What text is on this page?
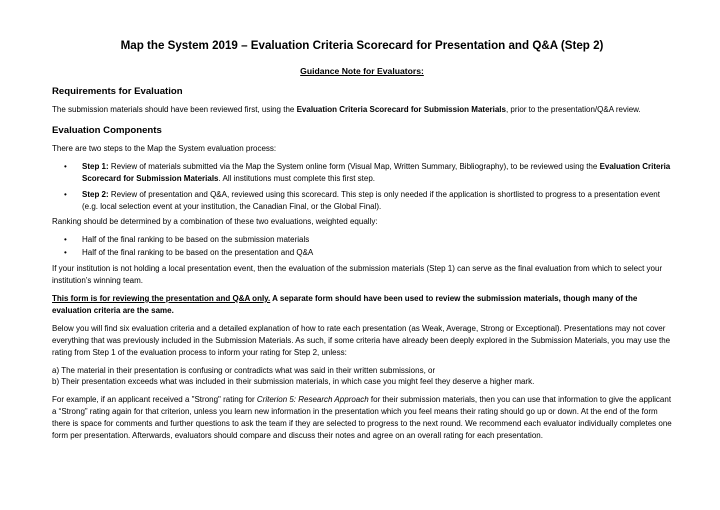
Map the System 2019 – Evaluation Criteria Scorecard for Presentation and Q&A (Step 2)
Guidance Note for Evaluators:
Requirements for Evaluation

The submission materials should have been reviewed first, using the Evaluation Criteria Scorecard for Submission Materials, prior to the presentation/Q&A review.

Evaluation Components

There are two steps to the Map the System evaluation process:

• Step 1: Review of materials submitted via the Map the System online form (Visual Map, Written Summary, Bibliography), to be reviewed using the Evaluation Criteria Scorecard for Submission Materials. All institutions must complete this first step.
• Step 2: Review of presentation and Q&A, reviewed using this scorecard. This step is only needed if the application is shortlisted to progress to a presentation event (e.g. local selection event at your institution, the Canadian Final, or the Global Final).

Ranking should be determined by a combination of these two evaluations, weighted equally:

• Half of the final ranking to be based on the submission materials
• Half of the final ranking to be based on the presentation and Q&A

If your institution is not holding a local presentation event, then the evaluation of the submission materials (Step 1) can serve as the final evaluation from which to select your institution’s winning team.

This form is for reviewing the presentation and Q&A only. A separate form should have been used to review the submission materials, though many of the evaluation criteria are the same.

Below you will find six evaluation criteria and a detailed explanation of how to rate each presentation (as Weak, Average, Strong or Exceptional). Presentations may not cover everything that was previously included in the Submission Materials. As such, if some criteria have already been deeply explored in the Submission Materials, you may use the rating from Step 1 of the evaluation process to inform your rating for Step 2, unless:

a) The material in their presentation is confusing or contradicts what was said in their written submissions, or
b) Their presentation exceeds what was included in their submission materials, in which case you might feel they deserve a higher mark.

For example, if an applicant received a "Strong" rating for Criterion 5: Research Approach for their submission materials, then you can use that information to give the applicant a “Strong” rating again for that criterion, unless you learn new information in the presentation which you feel means their rating should go up or down. At the end of the form there is space for comments and further questions to ask the team if they are selected to progress to the next round. We recommend each evaluator individually completes one form per presentation. Afterwards, evaluators should compare and discuss their notes and agree on an overall rating for each presentation.
